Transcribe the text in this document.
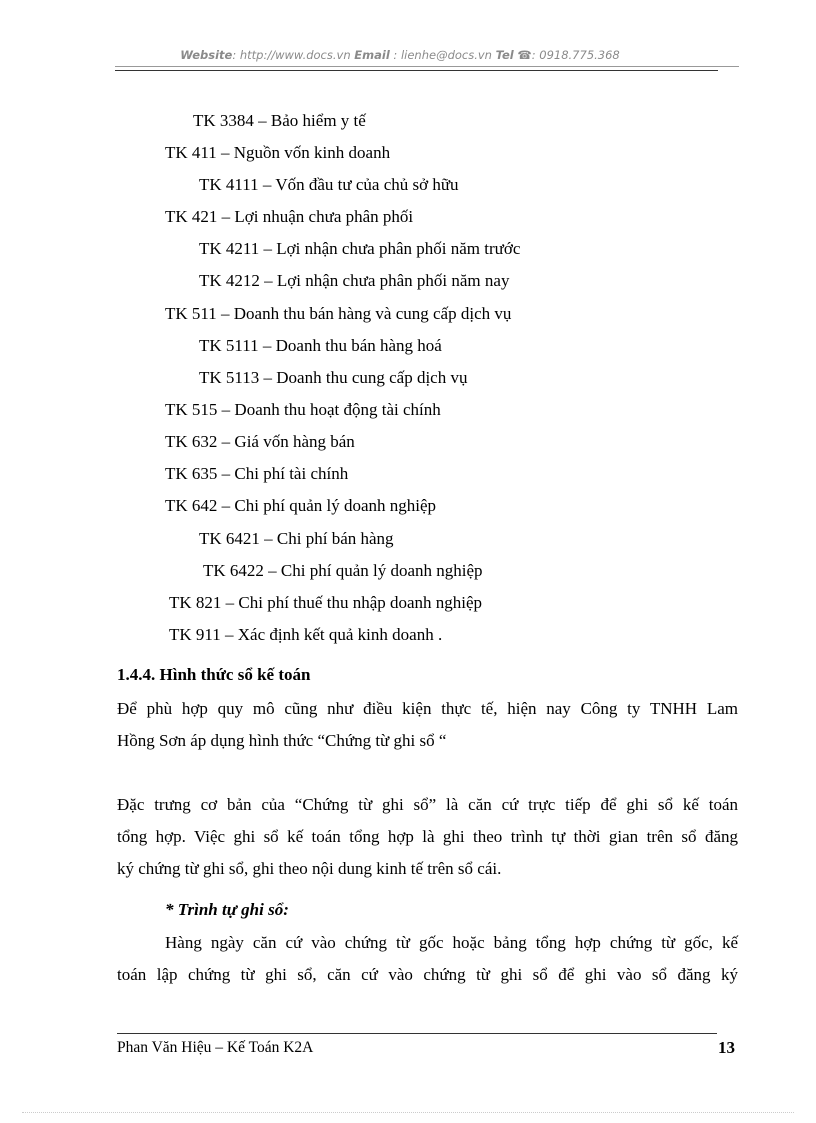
Website: http://www.docs.vn Email : lienhe@docs.vn Tel ☎: 0918.775.368
TK 3384 – Bảo hiểm y tế
TK 411 – Nguồn vốn kinh doanh
TK 4111 – Vốn đầu tư của chủ sở hữu
TK 421 – Lợi nhuận chưa phân phối
TK 4211 – Lợi nhận chưa phân phối năm trước
TK 4212 – Lợi nhận chưa phân phối năm nay
TK 511 – Doanh thu bán hàng và cung cấp dịch vụ
TK 5111 – Doanh thu bán hàng hoá
TK 5113 – Doanh thu cung cấp dịch vụ
TK 515 – Doanh thu hoạt động tài chính
TK 632 – Giá vốn hàng bán
TK 635 – Chi phí tài chính
TK 642 – Chi phí quản lý doanh nghiệp
TK 6421 – Chi phí bán hàng
TK 6422 – Chi phí quản lý doanh nghiệp
TK 821 – Chi phí thuế thu nhập doanh nghiệp
TK 911 – Xác định kết quả kinh doanh .
1.4.4. Hình thức sổ kế toán
Để phù hợp quy mô cũng như điều kiện thực tế, hiện nay Công ty TNHH Lam
Hồng Sơn áp dụng hình thức “Chứng từ ghi sổ “
Đặc trưng cơ bản của “Chứng từ ghi sổ” là căn cứ trực tiếp để ghi sổ kế toán
tổng hợp. Việc ghi sổ kế toán tổng hợp là ghi theo trình tự thời gian trên sổ đăng
ký chứng từ ghi sổ, ghi theo nội dung kinh tế trên sổ cái.
* Trình tự ghi sổ:
Hàng ngày căn cứ vào chứng từ gốc hoặc bảng tổng hợp chứng từ gốc, kế
toán lập chứng từ ghi sổ, căn cứ vào chứng từ ghi sổ để ghi vào sổ đăng ký
Phan Văn Hiệu – Kế Toán K2A	13
